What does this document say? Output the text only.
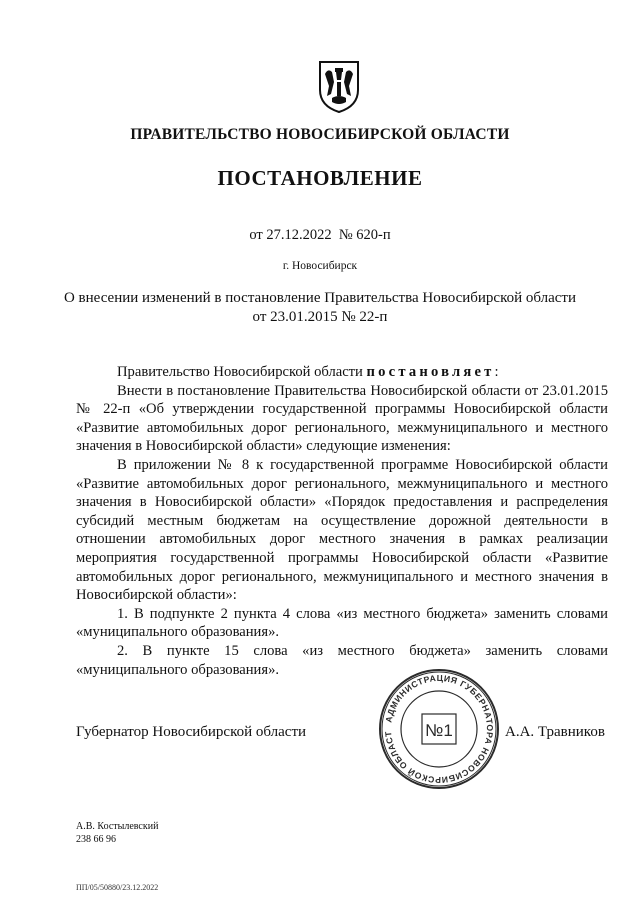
ПРАВИТЕЛЬСТВО НОВОСИБИРСКОЙ ОБЛАСТИ
ПОСТАНОВЛЕНИЕ
от 27.12.2022  № 620-п
г. Новосибирск
О внесении изменений в постановление Правительства Новосибирской области
от 23.01.2015 № 22-п

Правительство Новосибирской области постановляет:

Внести в постановление Правительства Новосибирской области от 23.01.2015 № 22-п «Об утверждении государственной программы Новосибирской области «Развитие автомобильных дорог регионального, межмуниципального и местного значения в Новосибирской области» следующие изменения:

В приложении № 8 к государственной программе Новосибирской области «Развитие автомобильных дорог регионального, межмуниципального и местного значения в Новосибирской области» «Порядок предоставления и распределения субсидий местным бюджетам на осуществление дорожной деятельности в отношении автомобильных дорог местного значения в рамках реализации мероприятия государственной программы Новосибирской области «Развитие автомобильных дорог регионального, межмуниципального и местного значения в Новосибирской области»:

1. В подпункте 2 пункта 4 слова «из местного бюджета» заменить словами «муниципального образования».

2. В пункте 15 слова «из местного бюджета» заменить словами «муниципального образования».

Губернатор Новосибирской области	А.А. Травников
АДМИНИСТРАЦИЯ ГУБЕРНАТОРА НОВОСИБИРСКОЙ ОБЛАСТ	№1
А.В. Костылевский
238 66 96
ПП/05/50880/23.12.2022
